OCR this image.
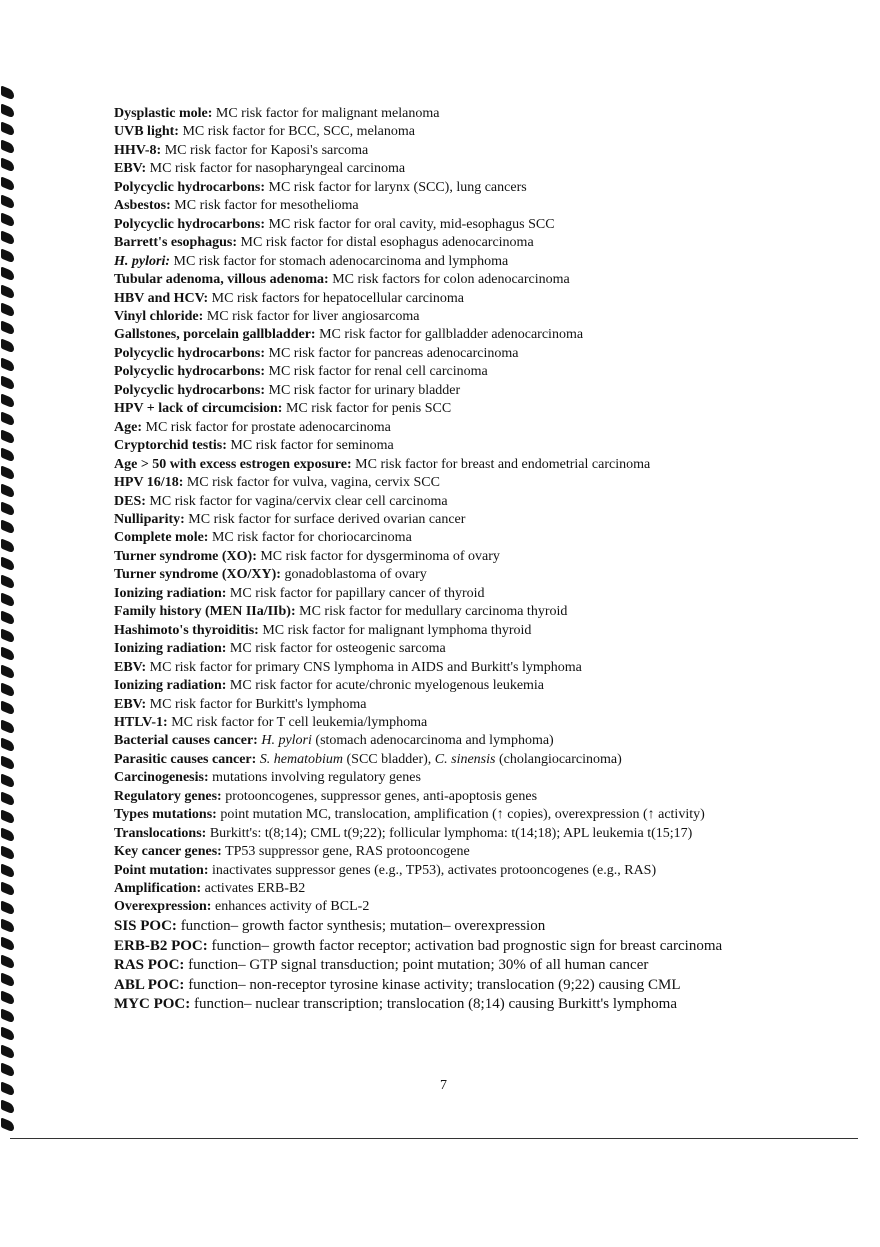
Dysplastic mole: MC risk factor for malignant melanoma
UVB light: MC risk factor for BCC, SCC, melanoma
HHV-8: MC risk factor for Kaposi's sarcoma
EBV: MC risk factor for nasopharyngeal carcinoma
Polycyclic hydrocarbons: MC risk factor for larynx (SCC), lung cancers
Asbestos: MC risk factor for mesothelioma
Polycyclic hydrocarbons: MC risk factor for oral cavity, mid-esophagus SCC
Barrett's esophagus: MC risk factor for distal esophagus adenocarcinoma
H. pylori: MC risk factor for stomach adenocarcinoma and lymphoma
Tubular adenoma, villous adenoma: MC risk factors for colon adenocarcinoma
HBV and HCV: MC risk factors for hepatocellular carcinoma
Vinyl chloride: MC risk factor for liver angiosarcoma
Gallstones, porcelain gallbladder: MC risk factor for gallbladder adenocarcinoma
Polycyclic hydrocarbons: MC risk factor for pancreas adenocarcinoma
Polycyclic hydrocarbons: MC risk factor for renal cell carcinoma
Polycyclic hydrocarbons: MC risk factor for urinary bladder
HPV + lack of circumcision: MC risk factor for penis SCC
Age: MC risk factor for prostate adenocarcinoma
Cryptorchid testis: MC risk factor for seminoma
Age > 50 with excess estrogen exposure: MC risk factor for breast and endometrial carcinoma
HPV 16/18: MC risk factor for vulva, vagina, cervix SCC
DES: MC risk factor for vagina/cervix clear cell carcinoma
Nulliparity: MC risk factor for surface derived ovarian cancer
Complete mole: MC risk factor for choriocarcinoma
Turner syndrome (XO): MC risk factor for dysgerminoma of ovary
Turner syndrome (XO/XY): gonadoblastoma of ovary
Ionizing radiation: MC risk factor for papillary cancer of thyroid
Family history (MEN IIa/IIb): MC risk factor for medullary carcinoma thyroid
Hashimoto's thyroiditis: MC risk factor for malignant lymphoma thyroid
Ionizing radiation: MC risk factor for osteogenic sarcoma
EBV: MC risk factor for primary CNS lymphoma in AIDS and Burkitt's lymphoma
Ionizing radiation: MC risk factor for acute/chronic myelogenous leukemia
EBV: MC risk factor for Burkitt's lymphoma
HTLV-1: MC risk factor for T cell leukemia/lymphoma
Bacterial causes cancer: H. pylori (stomach adenocarcinoma and lymphoma)
Parasitic causes cancer: S. hematobium (SCC bladder), C. sinensis (cholangiocarcinoma)
Carcinogenesis: mutations involving regulatory genes
Regulatory genes: protooncogenes, suppressor genes, anti-apoptosis genes
Types mutations: point mutation MC, translocation, amplification (↑ copies), overexpression (↑ activity)
Translocations: Burkitt's: t(8;14); CML t(9;22); follicular lymphoma: t(14;18); APL leukemia t(15;17)
Key cancer genes: TP53 suppressor gene, RAS protooncogene
Point mutation: inactivates suppressor genes (e.g., TP53), activates protooncogenes (e.g., RAS)
Amplification: activates ERB-B2
Overexpression: enhances activity of BCL-2
SIS POC: function– growth factor synthesis; mutation– overexpression
ERB-B2 POC: function– growth factor receptor; activation bad prognostic sign for breast carcinoma
RAS POC: function– GTP signal transduction; point mutation; 30% of all human cancer
ABL POC: function– non-receptor tyrosine kinase activity; translocation (9;22) causing CML
MYC POC: function– nuclear transcription; translocation (8;14) causing Burkitt's lymphoma
7
